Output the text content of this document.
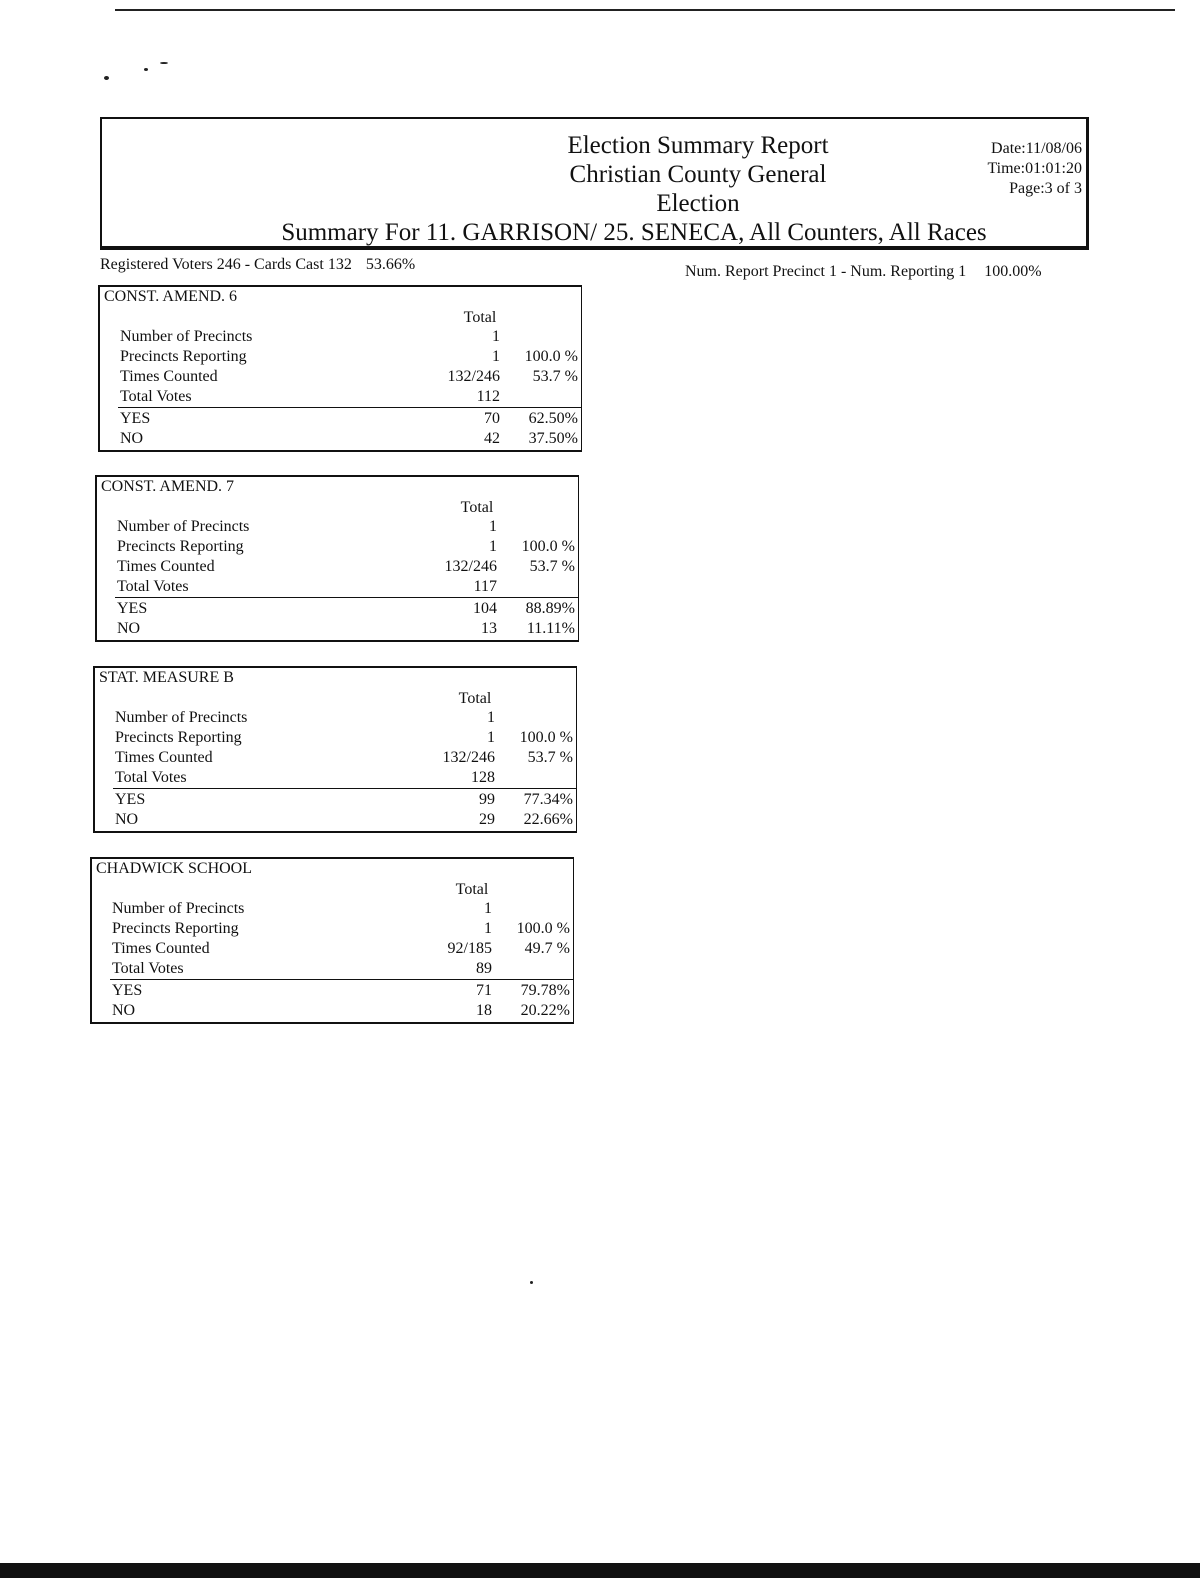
Election Summary Report
Christian County General
Election
Summary For 11. GARRISON/ 25. SENECA, All Counters, All Races
Date:11/08/06
Time:01:01:20
Page:3 of 3
Registered Voters 246 - Cards Cast 132 53.66%	Num. Report Precinct 1 - Num. Reporting 1 100.00%
CONST. AMEND. 6
Total
Number of Precincts	1
Precincts Reporting	1	100.0 %
Times Counted	132/246	53.7 %
Total Votes	112
YES	70	62.50%
NO	42	37.50%
CONST. AMEND. 7
Total
Number of Precincts	1
Precincts Reporting	1	100.0 %
Times Counted	132/246	53.7 %
Total Votes	117
YES	104	88.89%
NO	13	11.11%
STAT. MEASURE B
Total
Number of Precincts	1
Precincts Reporting	1	100.0 %
Times Counted	132/246	53.7 %
Total Votes	128
YES	99	77.34%
NO	29	22.66%
CHADWICK SCHOOL
Total
Number of Precincts	1
Precincts Reporting	1	100.0 %
Times Counted	92/185	49.7 %
Total Votes	89
YES	71	79.78%
NO	18	20.22%
